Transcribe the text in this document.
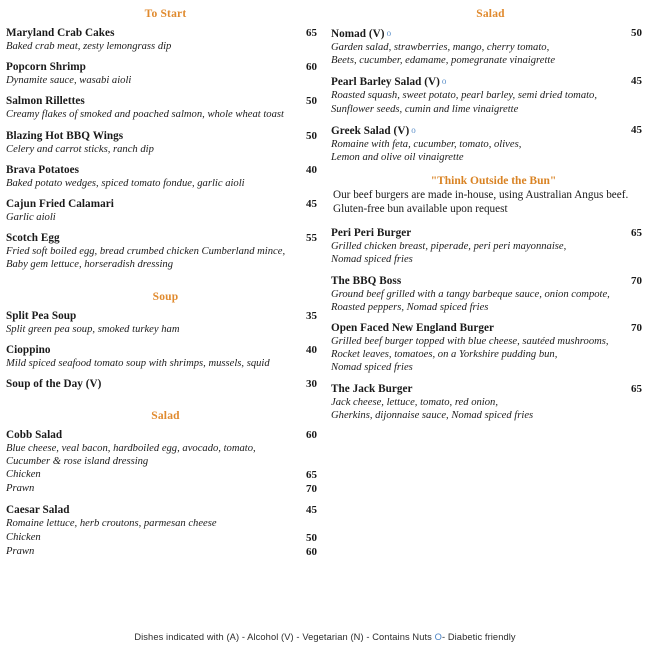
To Start
Maryland Crab Cakes	65
Baked crab meat, zesty lemongrass dip
Popcorn Shrimp	60
Dynamite sauce, wasabi aioli
Salmon Rillettes	50
Creamy flakes of smoked and poached salmon, whole wheat toast
Blazing Hot BBQ Wings	50
Celery and carrot sticks, ranch dip
Brava Potatoes	40
Baked potato wedges, spiced tomato fondue, garlic aioli
Cajun Fried Calamari	45
Garlic aioli
Scotch Egg	55
Fried soft boiled egg, bread crumbed chicken Cumberland mince,
Baby gem lettuce, horseradish dressing
Soup
Split Pea Soup	35
Split green pea soup, smoked turkey ham
Cioppino	40
Mild spiced seafood tomato soup with shrimps, mussels, squid
Soup of the Day (V)	30
Salad
Cobb Salad	60
Blue cheese, veal bacon, hardboiled egg, avocado, tomato,
Cucumber & rose island dressing
Chicken	65
Prawn	70
Caesar Salad	45
Romaine lettuce, herb croutons, parmesan cheese
Chicken	50
Prawn	60
Salad
Nomad (V) o	50
Garden salad, strawberries, mango, cherry tomato,
Beets, cucumber, edamame, pomegranate vinaigrette
Pearl Barley Salad (V) o	45
Roasted squash, sweet potato, pearl barley, semi dried tomato,
Sunflower seeds, cumin and lime vinaigrette
Greek Salad (V) o	45
Romaine with feta, cucumber, tomato, olives,
Lemon and olive oil vinaigrette
"Think Outside the Bun"
Our beef burgers are made in-house, using Australian Angus beef.
Gluten-free bun available upon request
Peri Peri Burger	65
Grilled chicken breast, piperade, peri peri mayonnaise,
Nomad spiced fries
The BBQ Boss	70
Ground beef grilled with a tangy barbeque sauce, onion compote,
Roasted peppers, Nomad spiced fries
Open Faced New England Burger	70
Grilled beef burger topped with blue cheese, sautéed mushrooms,
Rocket leaves, tomatoes, on a Yorkshire pudding bun,
Nomad spiced fries
The Jack Burger	65
Jack cheese, lettuce, tomato, red onion,
Gherkins, dijonnaise sauce, Nomad spiced fries
Dishes indicated with (A) - Alcohol (V) - Vegetarian (N) - Contains Nuts O- Diabetic friendly
